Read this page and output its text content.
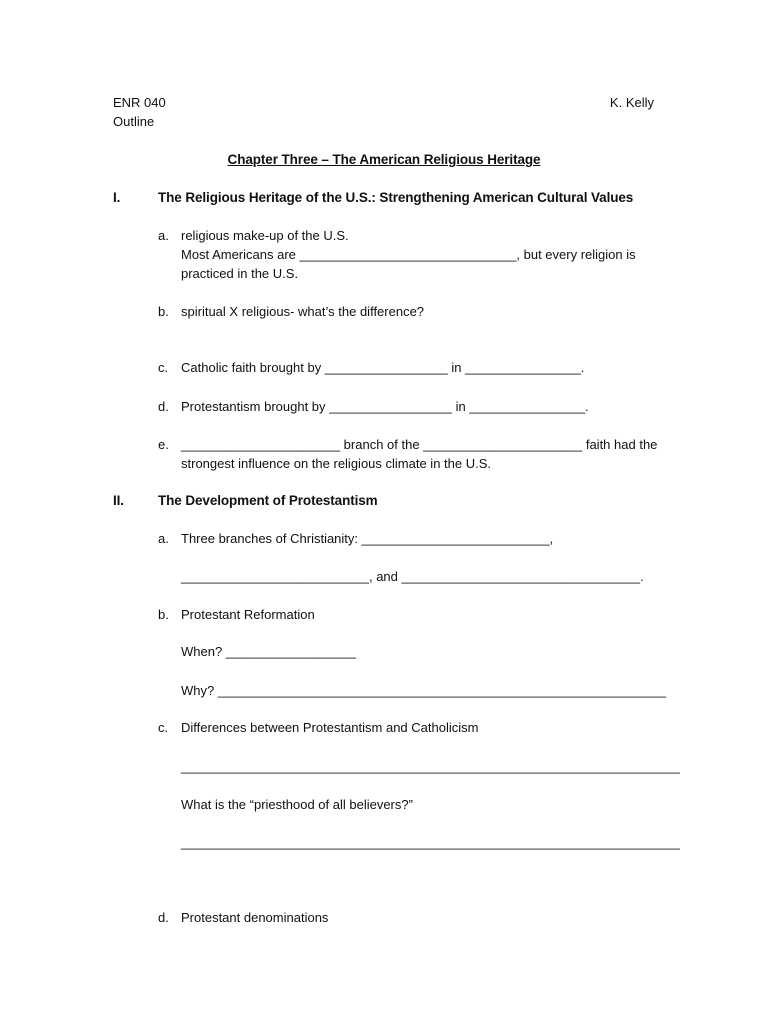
ENR 040
Outline
K. Kelly
Chapter Three – The American Religious Heritage
I.	The Religious Heritage of the U.S.: Strengthening American Cultural Values
a. religious make-up of the U.S.
Most Americans are ______________________________, but every religion is
practiced in the U.S.
b. spiritual X religious- what’s the difference?
c. Catholic faith brought by _________________ in ________________.
d. Protestantism brought by _________________ in ________________.
e. ______________________ branch of the ______________________ faith had the
strongest influence on the religious climate in the U.S.
II.	The Development of Protestantism
a. Three branches of Christianity: __________________________,
__________________________, and _________________________________.
b. Protestant Reformation
When? __________________
Why? ______________________________________________________________
c. Differences between Protestantism and Catholicism
_____________________________________________________________________
What is the “priesthood of all believers?”
_____________________________________________________________________
d. Protestant denominations
